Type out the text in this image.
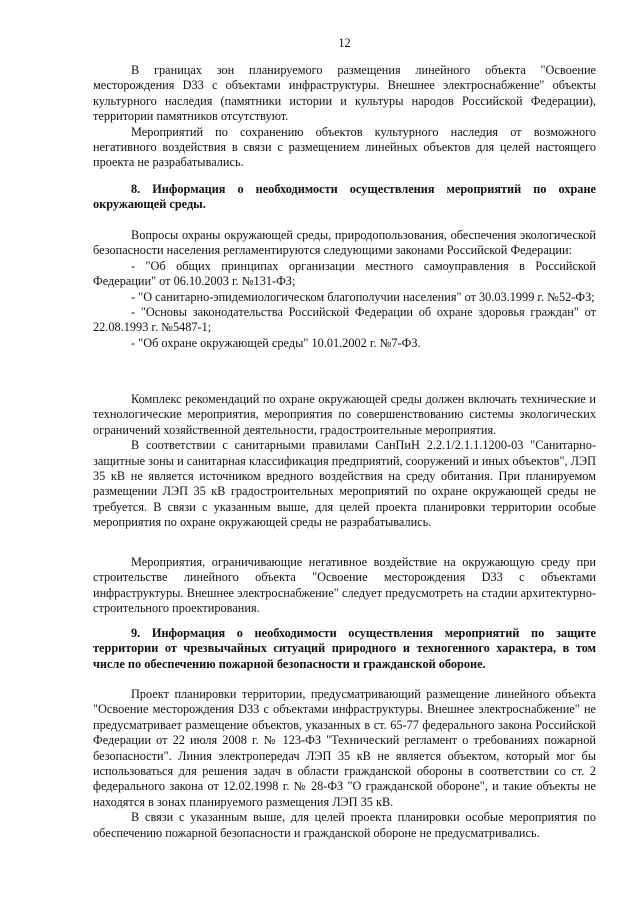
12

В границах зон планируемого размещения линейного объекта "Освоение месторождения D33 с объектами инфраструктуры. Внешнее электроснабжение" объекты культурного наследия (памятники истории и культуры народов Российской Федерации), территории памятников отсутствуют.

Мероприятий по сохранению объектов культурного наследия от возможного негативного воздействия в связи с размещением линейных объектов для целей настоящего проекта не разрабатывались.

8. Информация о необходимости осуществления мероприятий по охране окружающей среды.

Вопросы охраны окружающей среды, природопользования, обеспечения экологической безопасности населения регламентируются следующими законами Российской Федерации:

- "Об общих принципах организации местного самоуправления в Российской Федерации" от 06.10.2003 г. №131-ФЗ;

- "О санитарно-эпидемиологическом благополучии населения" от 30.03.1999 г. №52-ФЗ;

- "Основы законодательства Российской Федерации об охране здоровья граждан" от 22.08.1993 г. №5487-1;

- "Об охране окружающей среды" 10.01.2002 г. №7-ФЗ.

Комплекс рекомендаций по охране окружающей среды должен включать технические и технологические мероприятия, мероприятия по совершенствованию системы экологических ограничений хозяйственной деятельности, градостроительные мероприятия.

В соответствии с санитарными правилами СанПиН 2.2.1/2.1.1.1200-03 "Санитарно-защитные зоны и санитарная классификация предприятий, сооружений и иных объектов", ЛЭП 35 кВ не является источником вредного воздействия на среду обитания. При планируемом размещении ЛЭП 35 кВ градостроительных мероприятий по охране окружающей среды не требуется. В связи с указанным выше, для целей проекта планировки территории особые мероприятия по охране окружающей среды не разрабатывались.

Мероприятия, ограничивающие негативное воздействие на окружающую среду при строительстве линейного объекта "Освоение месторождения D33 с объектами инфраструктуры. Внешнее электроснабжение" следует предусмотреть на стадии архитектурно-строительного проектирования.

9. Информация о необходимости осуществления мероприятий по защите территории от чрезвычайных ситуаций природного и техногенного характера, в том числе по обеспечению пожарной безопасности и гражданской обороне.

Проект планировки территории, предусматривающий размещение линейного объекта "Освоение месторождения D33 с объектами инфраструктуры. Внешнее электроснабжение" не предусматривает размещение объектов, указанных в ст. 65-77 федерального закона Российской Федерации от 22 июля 2008 г. № 123-ФЗ "Технический регламент о требованиях пожарной безопасности". Линия электропередач ЛЭП 35 кВ не является объектом, который мог бы использоваться для решения задач в области гражданской обороны в соответствии со ст. 2 федерального закона от 12.02.1998 г. № 28-ФЗ "О гражданской обороне", и такие объекты не находятся в зонах планируемого размещения ЛЭП 35 кВ.

В связи с указанным выше, для целей проекта планировки особые мероприятия по обеспечению пожарной безопасности и гражданской обороне не предусматривались.
